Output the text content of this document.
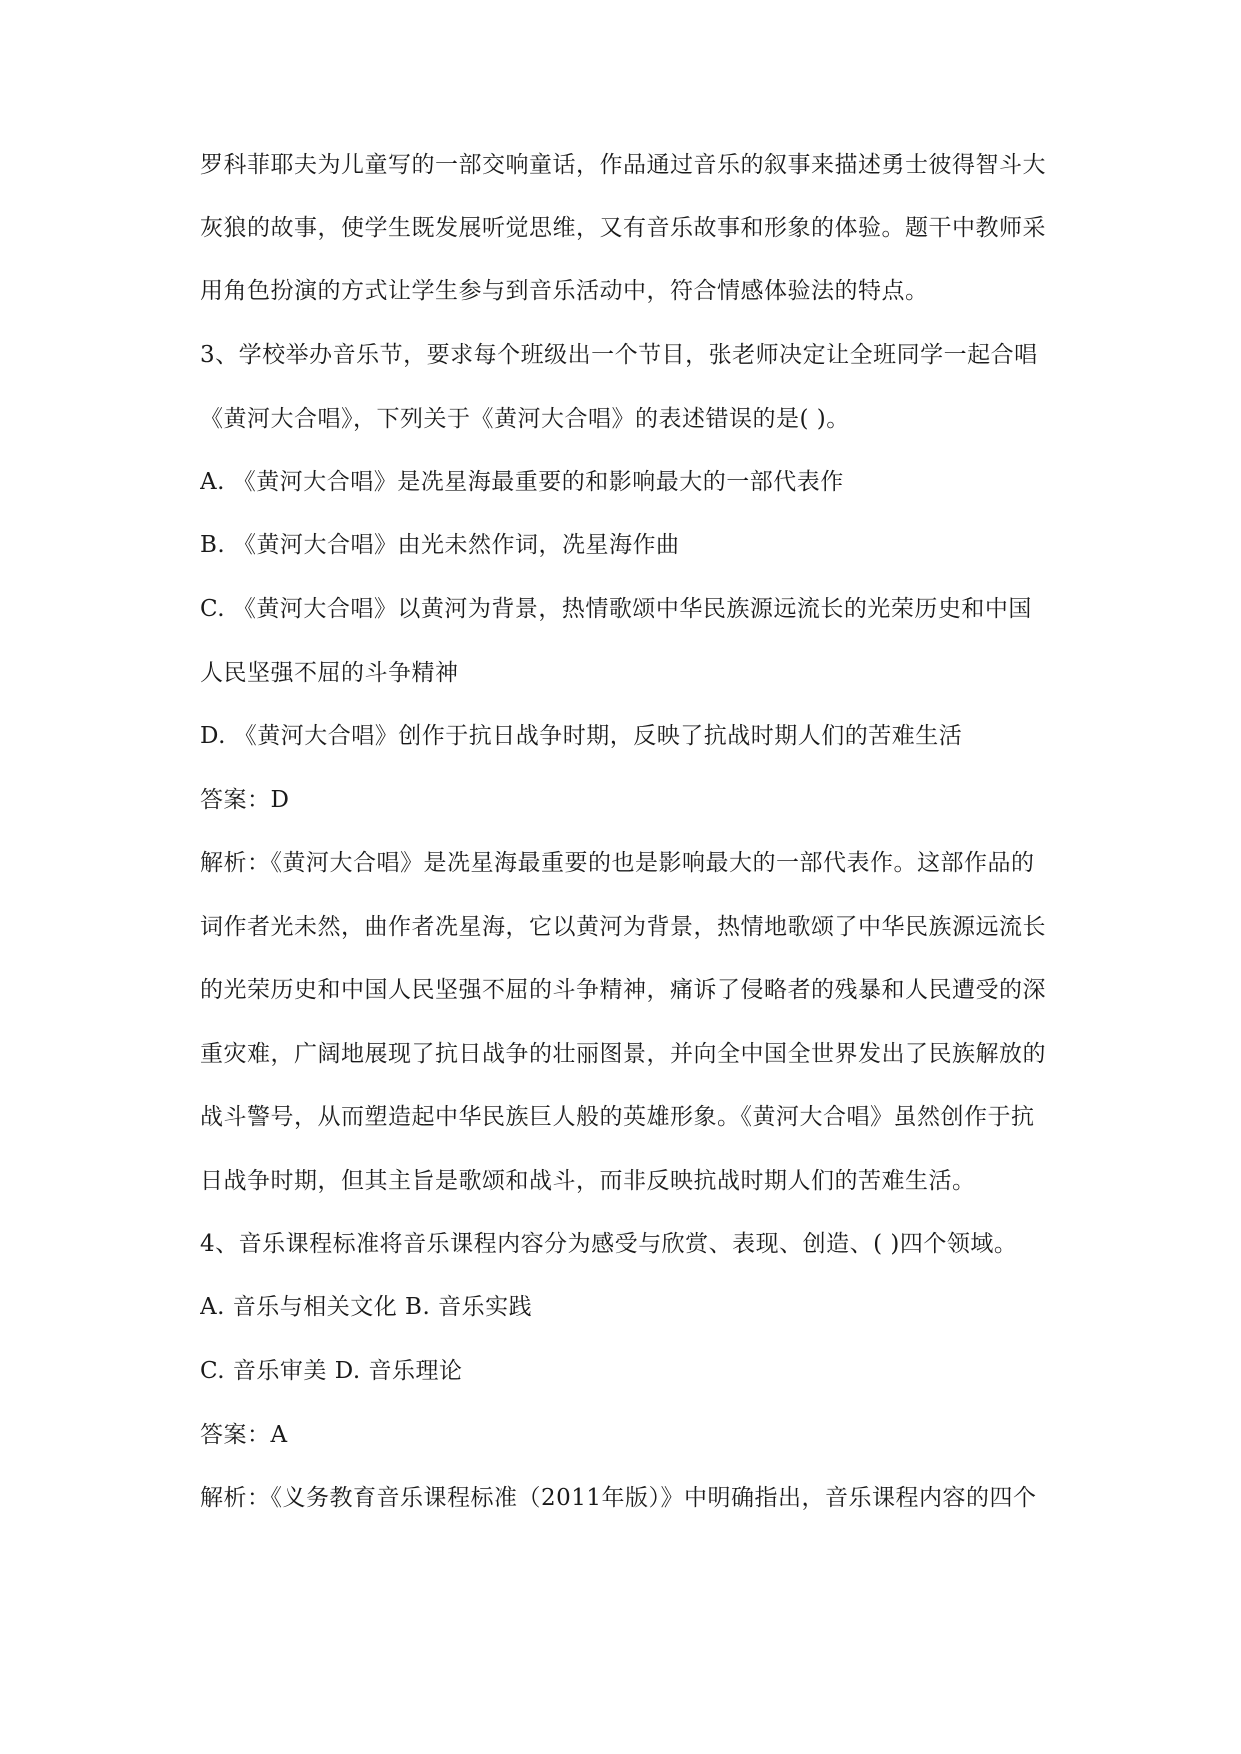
罗科菲耶夫为儿童写的一部交响童话，作品通过音乐的叙事来描述勇士彼得智斗大
灰狼的故事，使学生既发展听觉思维，又有音乐故事和形象的体验。题干中教师采
用角色扮演的方式让学生参与到音乐活动中，符合情感体验法的特点。
3、学校举办音乐节，要求每个班级出一个节目，张老师决定让全班同学一起合唱
《黄河大合唱》，下列关于《黄河大合唱》的表述错误的是( )。
A. 《黄河大合唱》是冼星海最重要的和影响最大的一部代表作
B. 《黄河大合唱》由光未然作词，冼星海作曲
C. 《黄河大合唱》以黄河为背景，热情歌颂中华民族源远流长的光荣历史和中国
人民坚强不屈的斗争精神
D. 《黄河大合唱》创作于抗日战争时期，反映了抗战时期人们的苦难生活
答案：D
解析：《黄河大合唱》是冼星海最重要的也是影响最大的一部代表作。这部作品的
词作者光未然，曲作者冼星海，它以黄河为背景，热情地歌颂了中华民族源远流长
的光荣历史和中国人民坚强不屈的斗争精神，痛诉了侵略者的残暴和人民遭受的深
重灾难，广阔地展现了抗日战争的壮丽图景，并向全中国全世界发出了民族解放的
战斗警号，从而塑造起中华民族巨人般的英雄形象。《黄河大合唱》虽然创作于抗
日战争时期，但其主旨是歌颂和战斗，而非反映抗战时期人们的苦难生活。
4、音乐课程标准将音乐课程内容分为感受与欣赏、表现、创造、( )四个领域。
A. 音乐与相关文化 B. 音乐实践
C. 音乐审美 D. 音乐理论
答案：A
解析：《义务教育音乐课程标准（2011年版）》中明确指出，音乐课程内容的四个
